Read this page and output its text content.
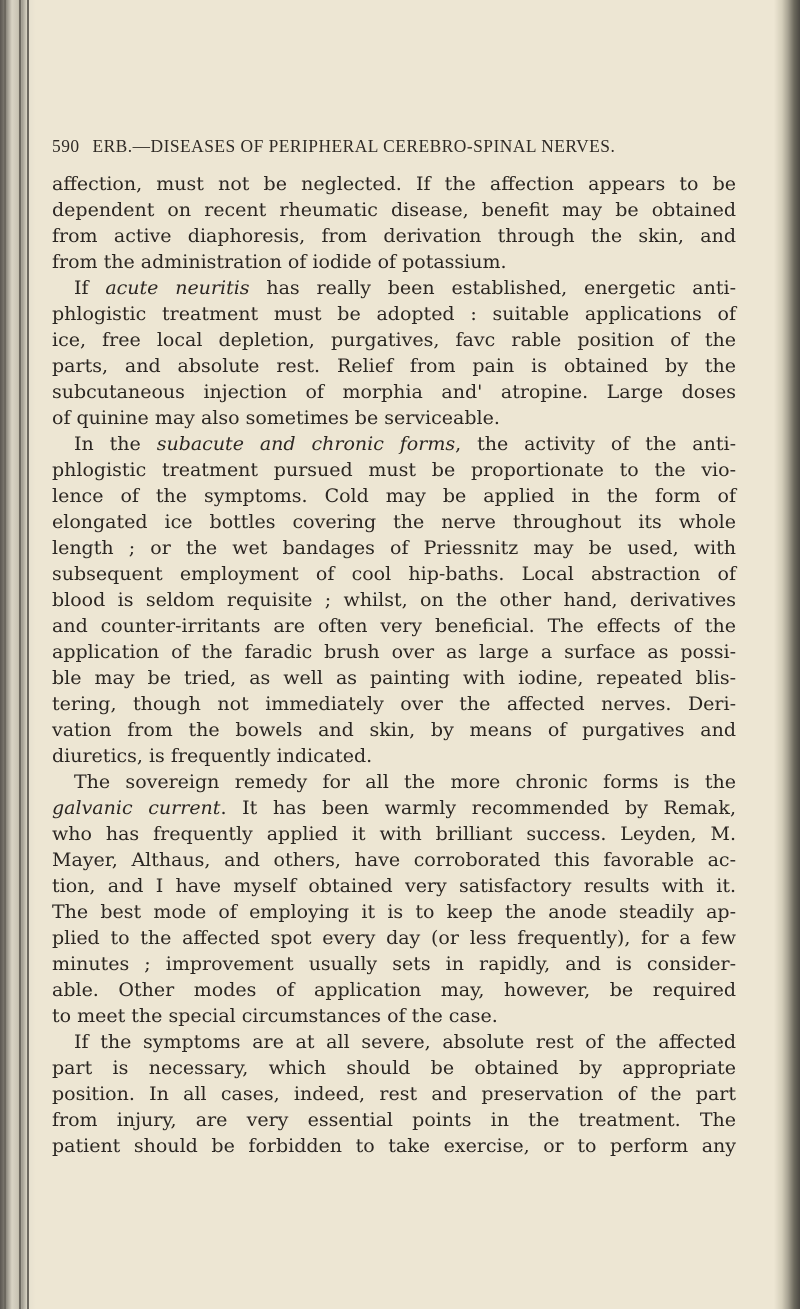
590 ERB.—DISEASES OF PERIPHERAL CEREBRO-SPINAL NERVES.
affection, must not be neglected. If the affection appears to be
dependent on recent rheumatic disease, benefit may be obtained
from active diaphoresis, from derivation through the skin, and
from the administration of iodide of potassium.
If acute neuritis has really been established, energetic anti-
phlogistic treatment must be adopted : suitable applications of
ice, free local depletion, purgatives, favc rable position of the
parts, and absolute rest. Relief from pain is obtained by the
subcutaneous injection of morphia and' atropine. Large doses
of quinine may also sometimes be serviceable.
In the subacute and chronic forms, the activity of the anti-
phlogistic treatment pursued must be proportionate to the vio-
lence of the symptoms. Cold may be applied in the form of
elongated ice bottles covering the nerve throughout its whole
length ; or the wet bandages of Priessnitz may be used, with
subsequent employment of cool hip-baths. Local abstraction of
blood is seldom requisite ; whilst, on the other hand, derivatives
and counter-irritants are often very beneficial. The effects of the
application of the faradic brush over as large a surface as possi-
ble may be tried, as well as painting with iodine, repeated blis-
tering, though not immediately over the affected nerves. Deri-
vation from the bowels and skin, by means of purgatives and
diuretics, is frequently indicated.
The sovereign remedy for all the more chronic forms is the
galvanic current. It has been warmly recommended by Remak,
who has frequently applied it with brilliant success. Leyden, M.
Mayer, Althaus, and others, have corroborated this favorable ac-
tion, and I have myself obtained very satisfactory results with it.
The best mode of employing it is to keep the anode steadily ap-
plied to the affected spot every day (or less frequently), for a few
minutes ; improvement usually sets in rapidly, and is consider-
able. Other modes of application may, however, be required
to meet the special circumstances of the case.
If the symptoms are at all severe, absolute rest of the affected
part is necessary, which should be obtained by appropriate
position. In all cases, indeed, rest and preservation of the part
from injury, are very essential points in the treatment. The
patient should be forbidden to take exercise, or to perform any
